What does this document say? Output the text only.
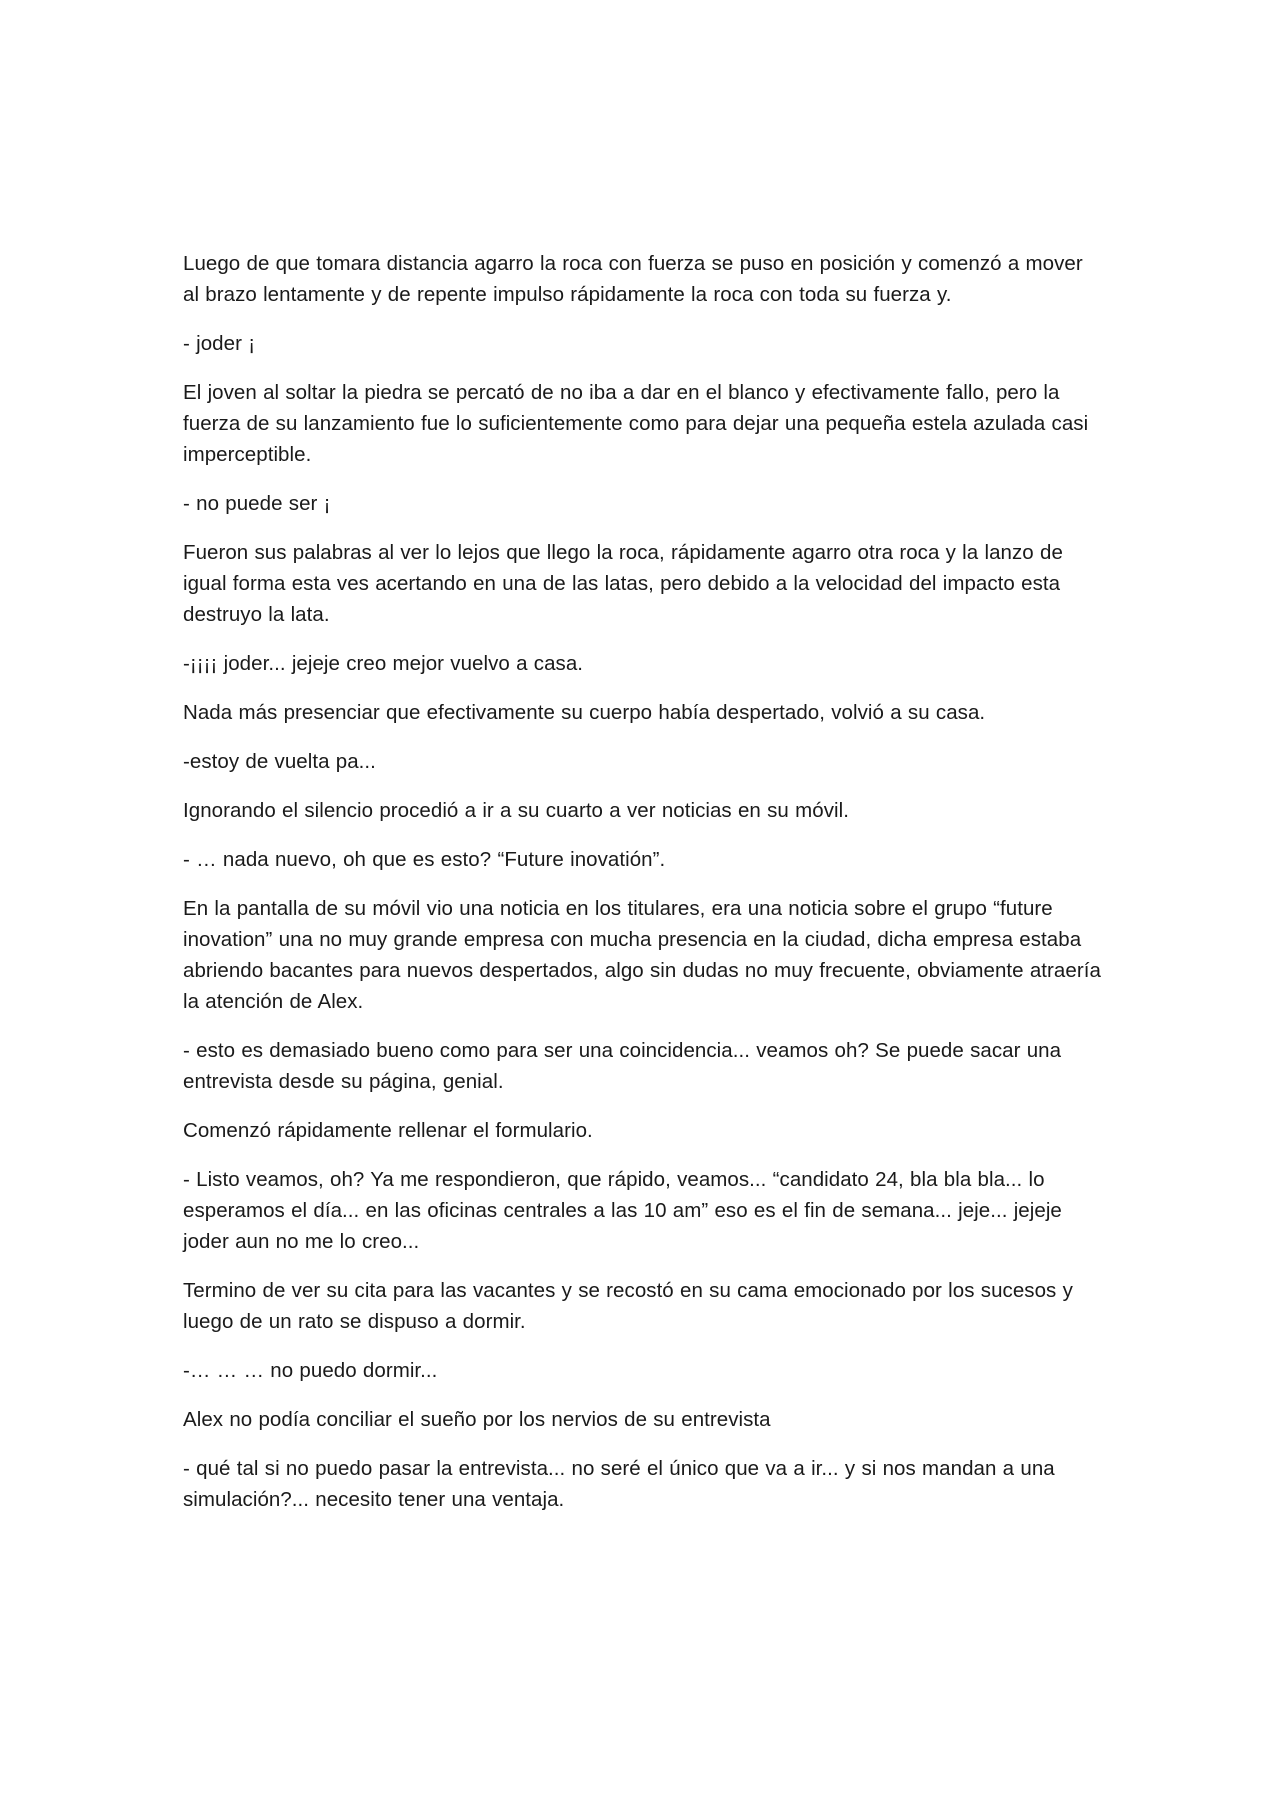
Luego de que tomara distancia agarro la roca con fuerza se puso en posición y comenzó a mover al brazo lentamente y de repente impulso rápidamente la roca con toda su fuerza y.

- joder ¡

El joven al soltar la piedra se percató de no iba a dar en el blanco y efectivamente fallo, pero la fuerza de su lanzamiento fue lo suficientemente como para dejar una pequeña estela azulada casi imperceptible.

- no puede ser ¡

Fueron sus palabras al ver lo lejos que llego la roca, rápidamente agarro otra roca y la lanzo de igual forma esta ves acertando en una de las latas, pero debido a la velocidad del impacto esta destruyo la lata.

-¡¡¡¡ joder... jejeje creo mejor vuelvo a casa.

Nada más presenciar que efectivamente su cuerpo había despertado, volvió a su casa.

-estoy de vuelta pa...

Ignorando el silencio procedió a ir a su cuarto a ver noticias en su móvil.

- … nada nuevo, oh que es esto? “Future inovatión”.

En la pantalla de su móvil vio una noticia en los titulares, era una noticia sobre el grupo “future inovation” una no muy grande empresa con mucha presencia en la ciudad, dicha empresa estaba abriendo bacantes para nuevos despertados, algo sin dudas no muy frecuente, obviamente atraería la atención de Alex.

- esto es demasiado bueno como para ser una coincidencia... veamos oh? Se puede sacar una entrevista desde su página, genial.

Comenzó rápidamente rellenar el formulario.

- Listo veamos, oh? Ya me respondieron, que rápido, veamos... “candidato 24, bla bla bla... lo esperamos el día... en las oficinas centrales a las 10 am” eso es el fin de semana... jeje... jejeje joder aun no me lo creo...

Termino de ver su cita para las vacantes y se recostó en su cama emocionado por los sucesos y luego de un rato se dispuso a dormir.

-… … … no puedo dormir...

Alex no podía conciliar el sueño por los nervios de su entrevista

- qué tal si no puedo pasar la entrevista... no seré el único que va a ir... y si nos mandan a una simulación?... necesito tener una ventaja.
